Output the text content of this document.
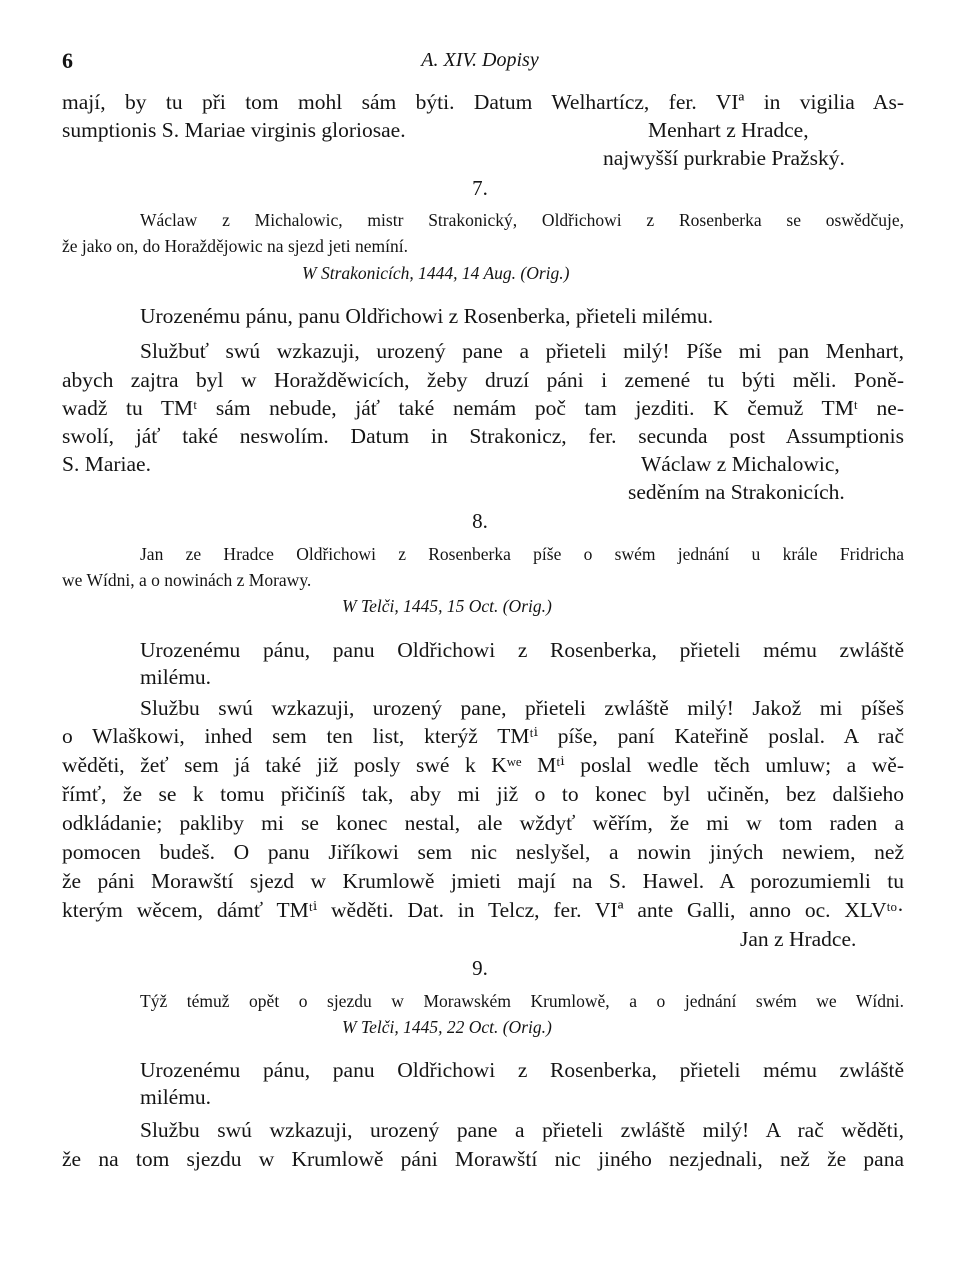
6	A. XIV. Dopisy
mají, by tu při tom mohl sám býti. Datum Welhartícz, fer. VIª in vigilia As-
sumptionis S. Mariae virginis gloriosae.	Menhart z Hradce,
najwyšší purkrabie Pražský.
7.
Wáclaw z Michalowic, mistr Strakonický, Oldřichowi z Rosenberka se oswědčuje,
že jako on, do Horaždějowic na sjezd jeti nemíní.
W Strakonicích, 1444, 14 Aug. (Orig.)
Urozenému pánu, panu Oldřichowi z Rosenberka, přieteli milému.
Službuť swú wzkazuji, urozený pane a přieteli milý! Píše mi pan Menhart,
abych zajtra byl w Horažděwicích, žeby druzí páni i zemené tu býti měli. Poně-
wadž tu TMᵗ sám nebude, jáť také nemám poč tam jezditi. K čemuž TMᵗ ne-
swolí, jáť také neswolím. Datum in Strakonicz, fer. secunda post Assumptionis
S. Mariae.	Wáclaw z Michalowic,
seděním na Strakonicích.
8.
Jan ze Hradce Oldřichowi z Rosenberka píše o swém jednání u krále Fridricha
we Wídni, a o nowinách z Morawy.
W Telči, 1445, 15 Oct. (Orig.)
Urozenému pánu, panu Oldřichowi z Rosenberka, přieteli mému zwláště
milému.
Službu swú wzkazuji, urozený pane, přieteli zwláště milý! Jakož mi píšeš
o Wlaškowi, inhed sem ten list, kterýž TMᵗⁱ píše, paní Kateřině poslal. A rač
wěděti, žeť sem já také již posly swé k Kʷᵉ Mᵗⁱ poslal wedle těch umluw; a wě-
římť, že se k tomu přičiníš tak, aby mi již o to konec byl učiněn, bez dalšieho
odkládanie; pakliby mi se konec nestal, ale wždyť wěřím, že mi w tom raden a
pomocen budeš. O panu Jiříkowi sem nic neslyšel, a nowin jiných newiem, než
že páni Morawští sjezd w Krumlowě jmieti mají na S. Hawel. A porozumiemli tu
kterým wěcem, dámť TMᵗⁱ wěděti. Dat. in Telcz, fer. VIª ante Galli, anno oc. XLVᵗᵒ·
Jan z Hradce.
9.
Týž témuž opět o sjezdu w Morawském Krumlowě, a o jednání swém we Wídni.
W Telči, 1445, 22 Oct. (Orig.)
Urozenému pánu, panu Oldřichowi z Rosenberka, přieteli mému zwláště
milému.
Službu swú wzkazuji, urozený pane a přieteli zwláště milý! A rač wěděti,
že na tom sjezdu w Krumlowě páni Morawští nic jiného nezjednali, než že pana
